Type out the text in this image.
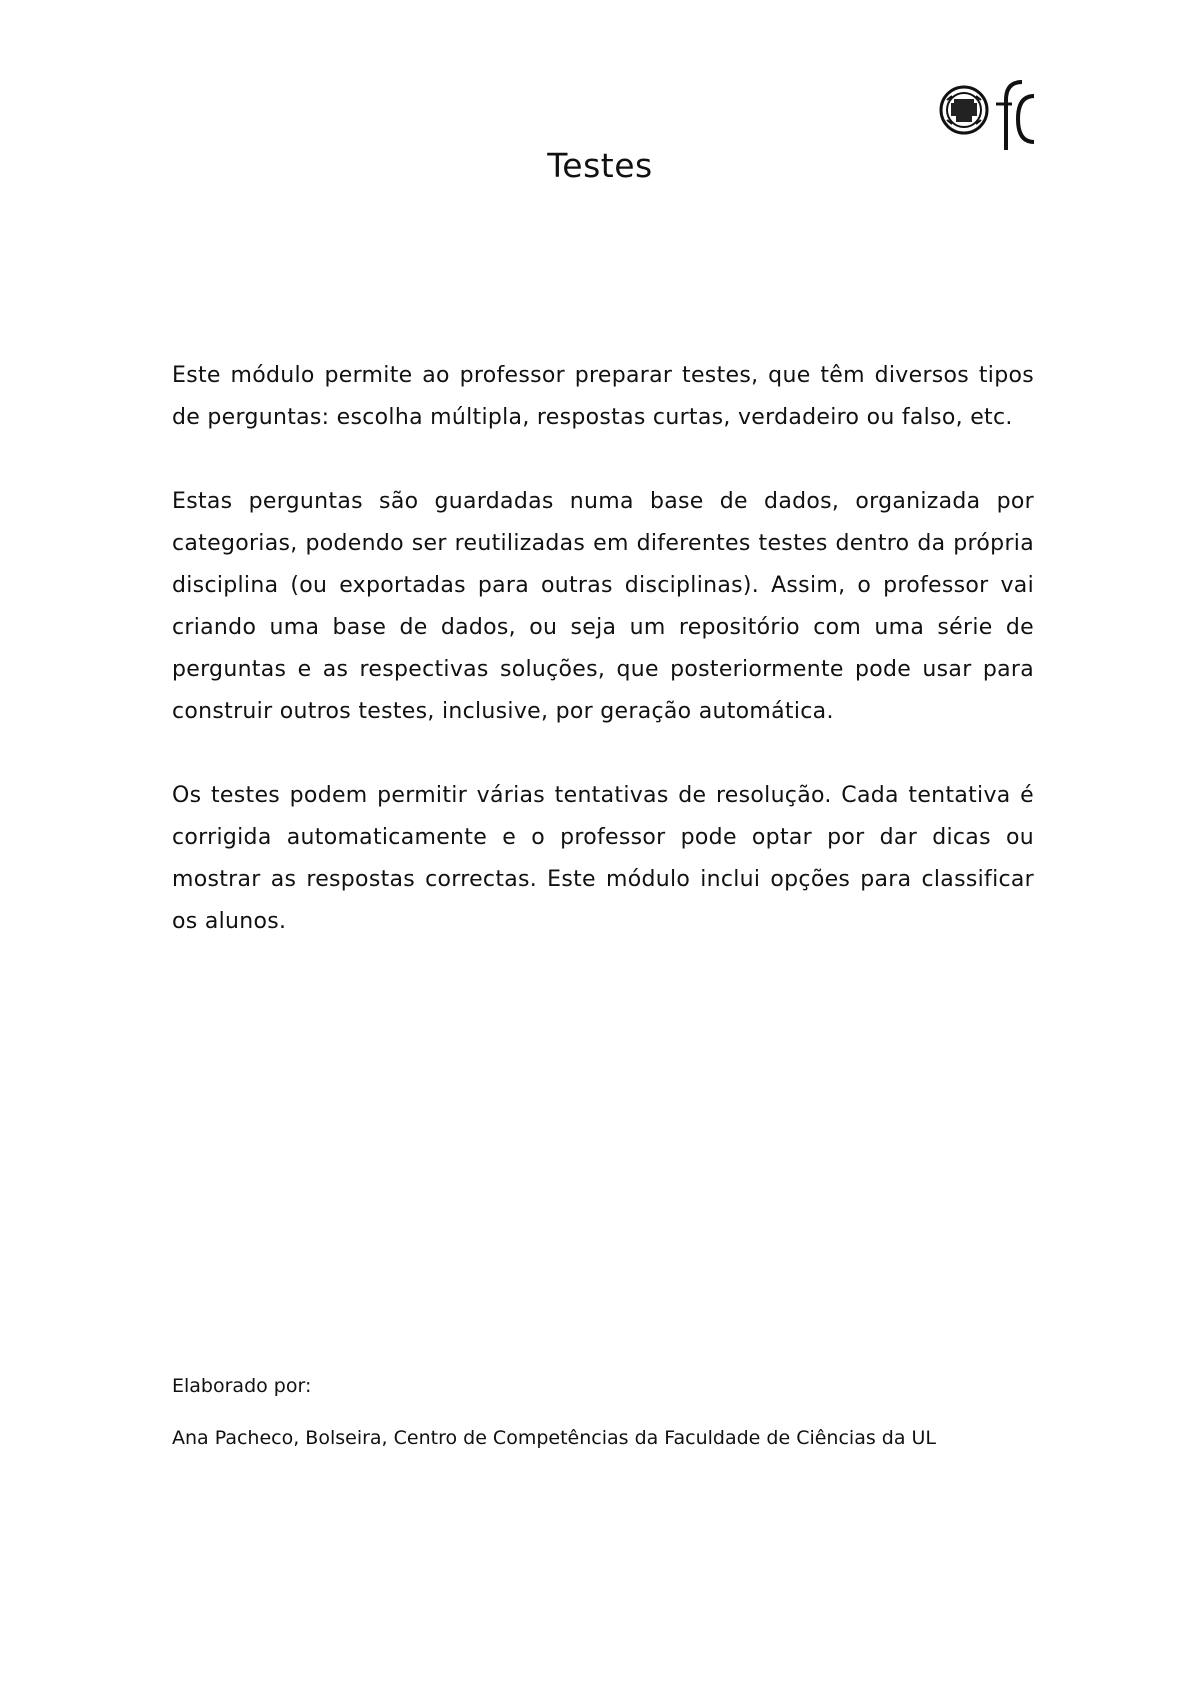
Testes

Este módulo permite ao professor preparar testes, que têm diversos tipos de perguntas: escolha múltipla, respostas curtas, verdadeiro ou falso, etc.

Estas perguntas são guardadas numa base de dados, organizada por categorias, podendo ser reutilizadas em diferentes testes dentro da própria disciplina (ou exportadas para outras disciplinas). Assim, o professor vai criando uma base de dados, ou seja um repositório com uma série de perguntas e as respectivas soluções, que posteriormente pode usar para construir outros testes, inclusive, por geração automática.

Os testes podem permitir várias tentativas de resolução. Cada tentativa é corrigida automaticamente e o professor pode optar por dar dicas ou mostrar as respostas correctas. Este módulo inclui opções para classificar os alunos.

Elaborado por:

Ana Pacheco, Bolseira, Centro de Competências da Faculdade de Ciências da UL
